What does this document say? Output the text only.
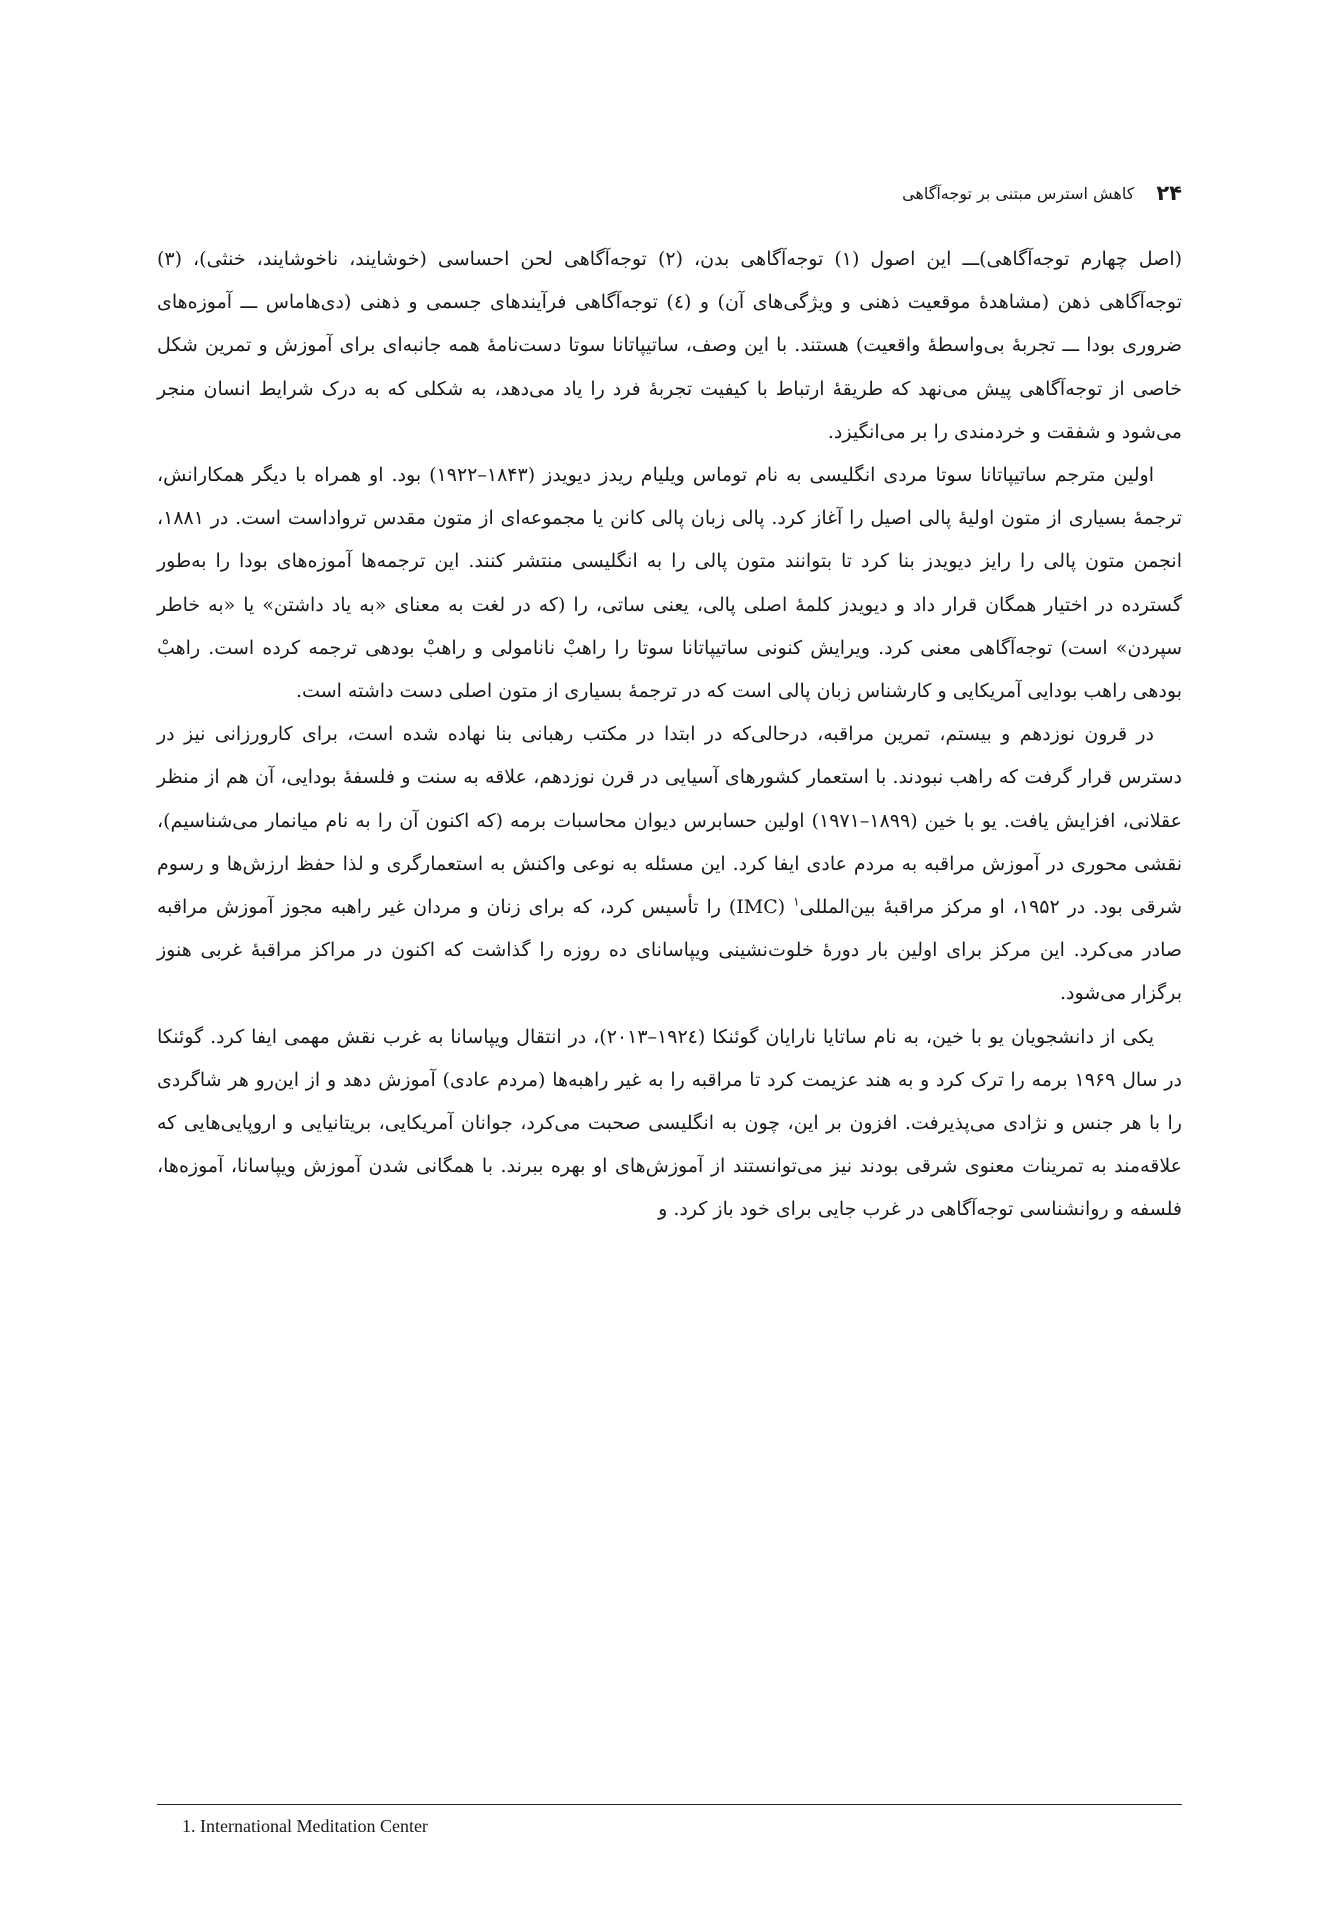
۲۴
کاهش استرس مبتنی بر توجه‌آگاهی

(اصل چهارم توجه‌آگاهی)ـــ این اصول (۱) توجه‌آگاهی بدن، (۲) توجه‌آگاهی لحن احساسی (خوشایند، ناخوشایند، خنثی)، (۳) توجه‌آگاهی ذهن (مشاهدهٔ موقعیت ذهنی و ویژگی‌های آن) و (٤) توجه‌آگاهی فرآیندهای جسمی و ذهنی (دی‌هاماس ـــ آموزه‌های ضروری بودا ـــ تجربهٔ بی‌واسطهٔ واقعیت) هستند. با این وصف، ساتیپاتانا سوتا دست‌نامهٔ همه جانبه‌ای برای آموزش و تمرین شکل خاصی از توجه‌آگاهی پیش می‌نهد که طریقهٔ ارتباط با کیفیت تجربهٔ فرد را یاد می‌دهد، به شکلی که به درک شرایط انسان منجر می‌شود و شفقت و خردمندی را بر می‌انگیزد.

اولین مترجم ساتیپاتانا سوتا مردی انگلیسی به نام توماس ویلیام ریدز دیویدز (۱۸۴۳–۱۹۲۲) بود. او همراه با دیگر همکارانش، ترجمهٔ بسیاری از متون اولیهٔ پالی اصیل را آغاز کرد. پالی زبان پالی کانن یا مجموعه‌ای از متون مقدس ترواداست است. در ۱۸۸۱، انجمن متون پالی را رایز دیویدز بنا کرد تا بتوانند متون پالی را به انگلیسی منتشر کنند. این ترجمه‌ها آموزه‌های بودا را به‌طور گسترده در اختیار همگان قرار داد و دیویدز کلمهٔ اصلی پالی، یعنی ساتی، را (که در لغت به معنای «به یاد داشتن» یا «به خاطر سپردن» است) توجه‌آگاهی معنی کرد. ویرایش کنونی ساتیپاتانا سوتا را راهبْ نانامولی و راهبْ بودهی ترجمه کرده است. راهبْ بودهی راهب بودایی آمریکایی و کارشناس زبان پالی است که در ترجمهٔ بسیاری از متون اصلی دست داشته است.

در قرون نوزدهم و بیستم، تمرین مراقبه، درحالی‌که در ابتدا در مکتب رهبانی بنا نهاده شده است، برای کارورزانی نیز در دسترس قرار گرفت که راهب نبودند. با استعمار کشورهای آسیایی در قرن نوزدهم، علاقه به سنت و فلسفهٔ بودایی، آن هم از منظر عقلانی، افزایش یافت. یو با خین (۱۸۹۹–۱۹۷۱) اولین حسابرس دیوان محاسبات برمه (که اکنون آن را به نام میانمار می‌شناسیم)، نقشی محوری در آموزش مراقبه به مردم عادی ایفا کرد. این مسئله به نوعی واکنش به استعمارگری و لذا حفظ ارزش‌ها و رسوم شرقی بود. در ۱۹۵۲، او مرکز مراقبهٔ بین‌المللی$^۱$ (IMC) را تأسیس کرد، که برای زنان و مردان غیر راهبه مجوز آموزش مراقبه صادر می‌کرد. این مرکز برای اولین بار دورهٔ خلوت‌نشینی ویپاسانای ده روزه را گذاشت که اکنون در مراکز مراقبهٔ غربی هنوز برگزار می‌شود.

یکی از دانشجویان یو با خین، به نام ساتایا نارایان گوئنکا (۱۹۲٤–۲۰۱۳)، در انتقال ویپاسانا به غرب نقش مهمی ایفا کرد. گوئنکا در سال ۱۹۶۹ برمه را ترک کرد و به هند عزیمت کرد تا مراقبه را به غیر راهبه‌ها (مردم عادی) آموزش دهد و از این‌رو هر شاگردی را با هر جنس و نژادی می‌پذیرفت. افزون بر این، چون به انگلیسی صحبت می‌کرد، جوانان آمریکایی، بریتانیایی و اروپایی‌هایی که علاقه‌مند به تمرینات معنوی شرقی بودند نیز می‌توانستند از آموزش‌های او بهره ببرند. با همگانی شدن آموزش ویپاسانا، آموزه‌ها، فلسفه و روانشناسی توجه‌آگاهی در غرب جایی برای خود باز کرد. و

1. International Meditation Center
